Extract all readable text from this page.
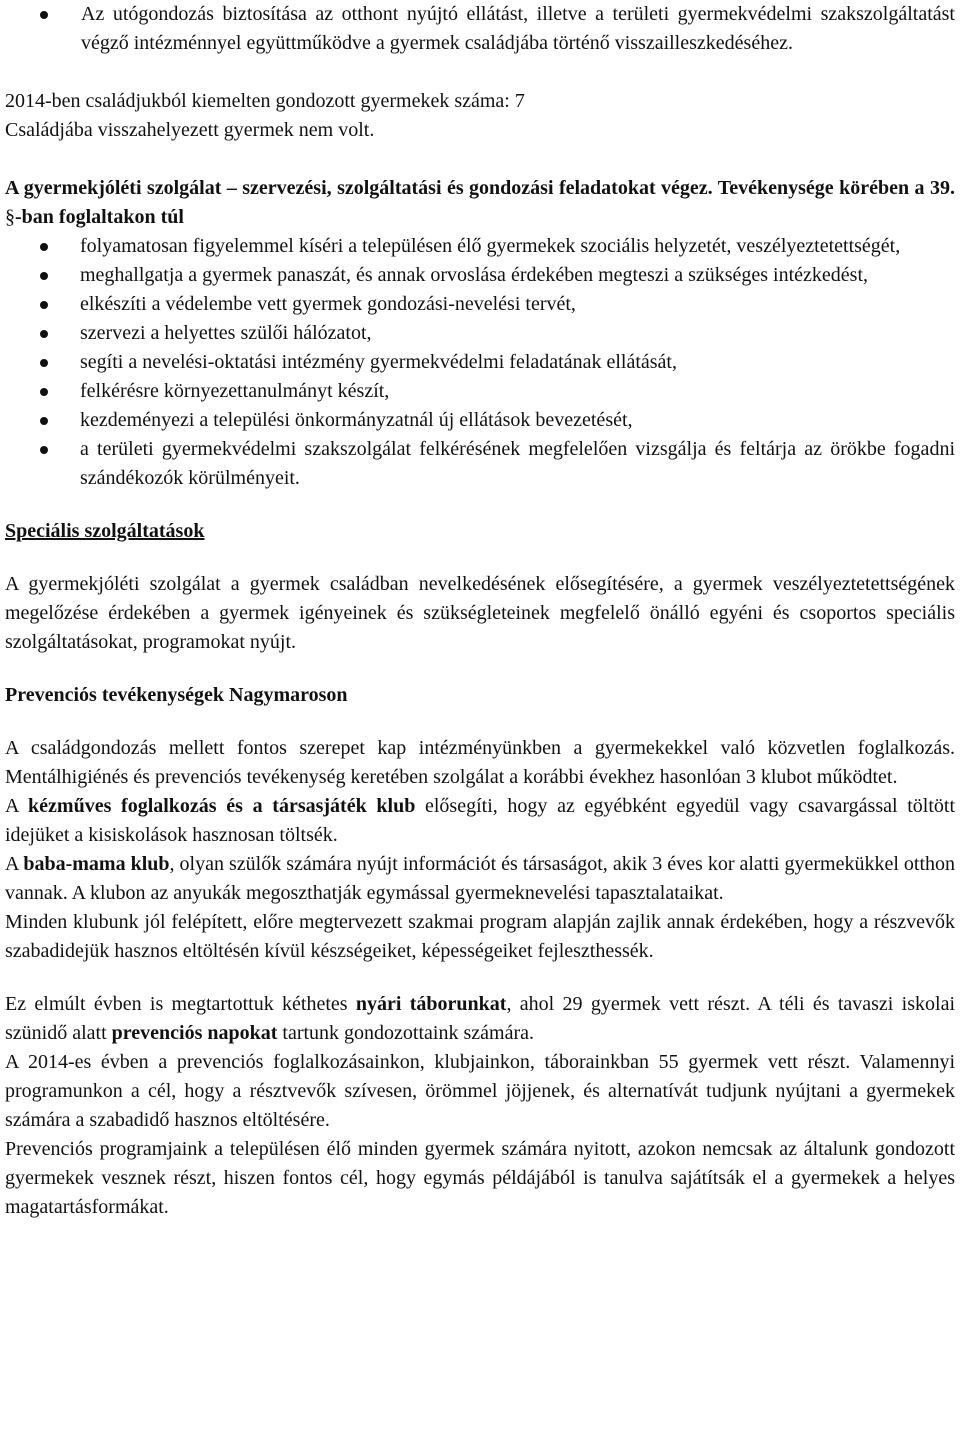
Az utógondozás biztosítása az otthont nyújtó ellátást, illetve a területi gyermekvédelmi szakszolgáltatást végző intézménnyel együttműködve a gyermek családjába történő visszailleszkedéséhez.

2014-ben családjukból kiemelten gondozott gyermekek száma: 7

Családjába visszahelyezett gyermek nem volt.

A gyermekjóléti szolgálat – szervezési, szolgáltatási és gondozási feladatokat végez. Tevékenysége körében a 39. §-ban foglaltakon túl

folyamatosan figyelemmel kíséri a településen élő gyermekek szociális helyzetét, veszélyeztetettségét,
meghallgatja a gyermek panaszát, és annak orvoslása érdekében megteszi a szükséges intézkedést,
elkészíti a védelembe vett gyermek gondozási-nevelési tervét,
szervezi a helyettes szülői hálózatot,
segíti a nevelési-oktatási intézmény gyermekvédelmi feladatának ellátását,
felkérésre környezettanulmányt készít,
kezdeményezi a települési önkormányzatnál új ellátások bevezetését,
a területi gyermekvédelmi szakszolgálat felkérésének megfelelően vizsgálja és feltárja az örökbe fogadni szándékozók körülményeit.

Speciális szolgáltatások

A gyermekjóléti szolgálat a gyermek családban nevelkedésének elősegítésére, a gyermek veszélyeztetettségének megelőzése érdekében a gyermek igényeinek és szükségleteinek megfelelő önálló egyéni és csoportos speciális szolgáltatásokat, programokat nyújt.

Prevenciós tevékenységek Nagymaroson

A családgondozás mellett fontos szerepet kap intézményünkben a gyermekekkel való közvetlen foglalkozás. Mentálhigiénés és prevenciós tevékenység keretében szolgálat a korábbi évekhez hasonlóan 3 klubot működtet.

A kézműves foglalkozás és a társasjáték klub elősegíti, hogy az egyébként egyedül vagy csavargással töltött idejüket a kisiskolások hasznosan töltsék.

A baba-mama klub, olyan szülők számára nyújt információt és társaságot, akik 3 éves kor alatti gyermekükkel otthon vannak. A klubon az anyukák megoszthatják egymással gyermeknevelési tapasztalataikat.

Minden klubunk jól felépített, előre megtervezett szakmai program alapján zajlik annak érdekében, hogy a részvevők szabadidejük hasznos eltöltésén kívül készségeiket, képességeiket fejleszthessék.

Ez elmúlt évben is megtartottuk kéthetes nyári táborunkat, ahol 29 gyermek vett részt. A téli és tavaszi iskolai szünidő alatt prevenciós napokat tartunk gondozottaink számára.

A 2014-es évben a prevenciós foglalkozásainkon, klubjainkon, táborainkban 55 gyermek vett részt. Valamennyi programunkon a cél, hogy a résztvevők szívesen, örömmel jöjjenek, és alternatívát tudjunk nyújtani a gyermekek számára a szabadidő hasznos eltöltésére.

Prevenciós programjaink a településen élő minden gyermek számára nyitott, azokon nemcsak az általunk gondozott gyermekek vesznek részt, hiszen fontos cél, hogy egymás példájából is tanulva sajátítsák el a gyermekek a helyes magatartásformákat.
